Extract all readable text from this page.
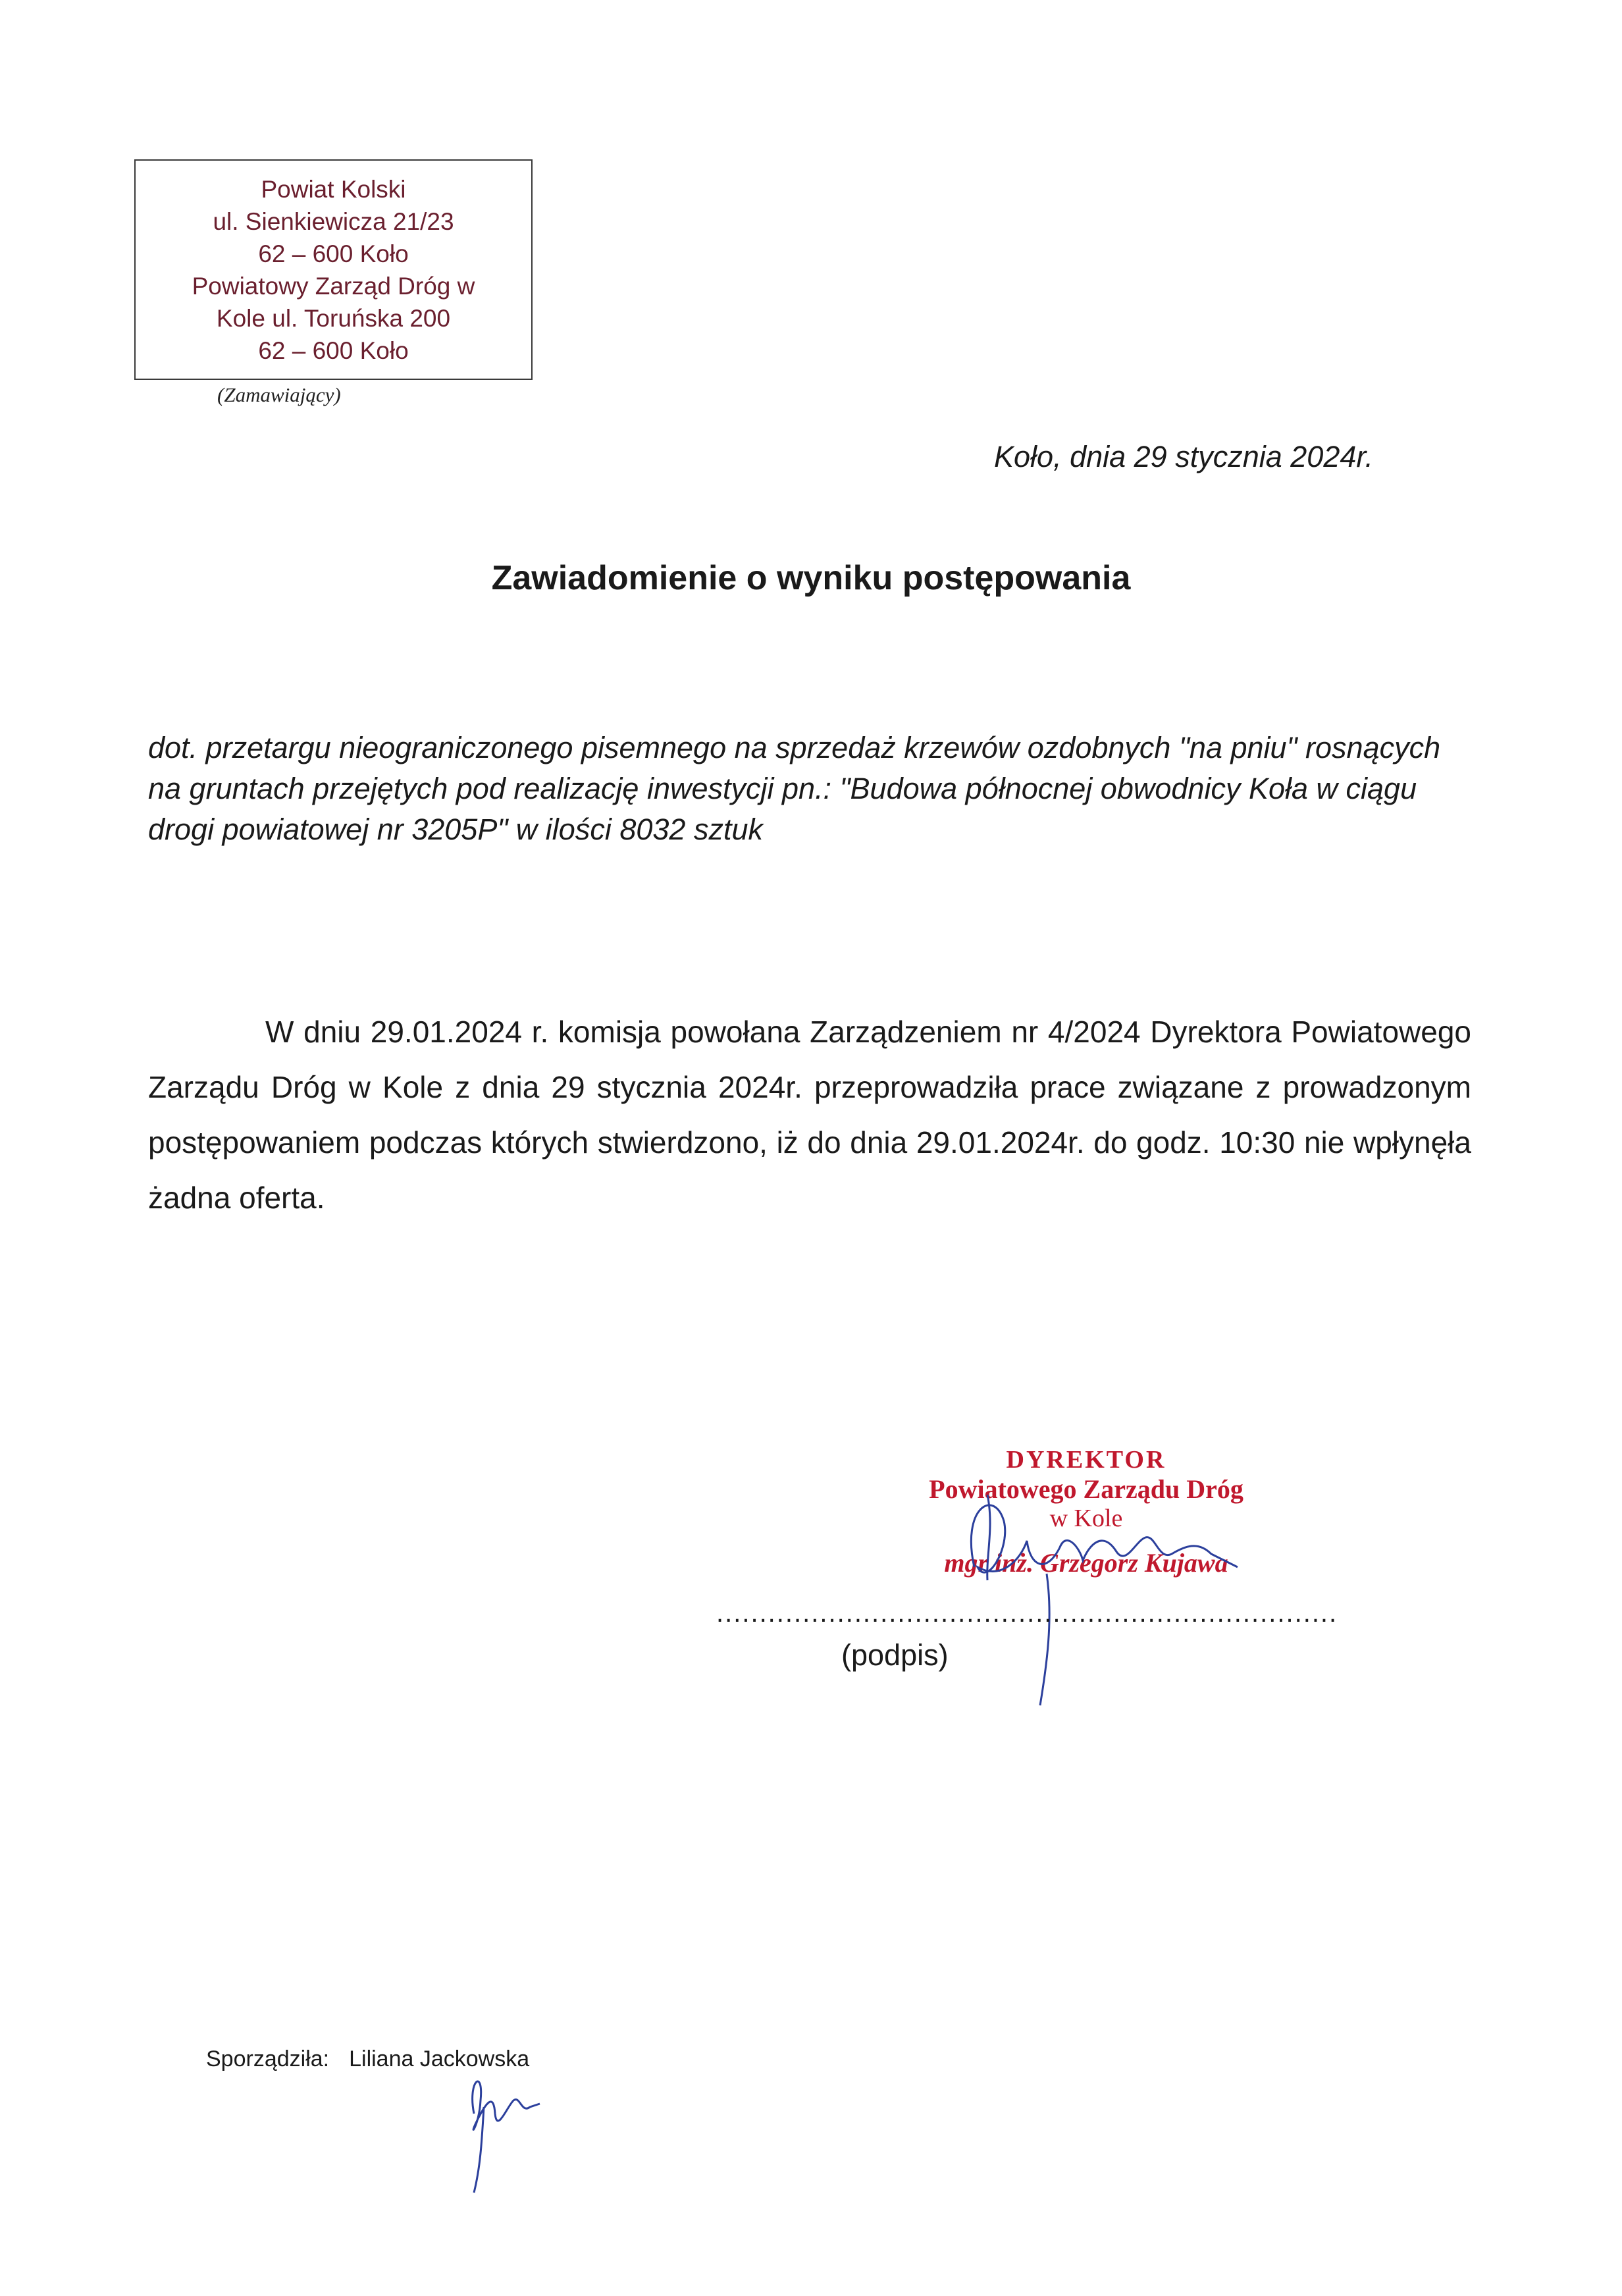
Powiat Kolski
ul. Sienkiewicza 21/23
62 – 600 Koło
Powiatowy Zarząd Dróg w
Kole ul. Toruńska 200
62 – 600 Koło
(Zamawiający)
Koło, dnia 29 stycznia 2024r.
Zawiadomienie o wyniku postępowania
dot. przetargu nieograniczonego pisemnego na sprzedaż krzewów ozdobnych "na pniu" rosnących na gruntach przejętych pod realizację inwestycji pn.: "Budowa północnej obwodnicy Koła w ciągu drogi powiatowej nr 3205P" w ilości 8032 sztuk
W dniu 29.01.2024 r. komisja powołana Zarządzeniem nr 4/2024 Dyrektora Powiatowego Zarządu Dróg w Kole z dnia 29 stycznia 2024r. przeprowadziła prace związane z prowadzonym postępowaniem podczas których stwierdzono, iż do dnia 29.01.2024r. do godz. 10:30 nie wpłynęła żadna oferta.
DYREKTOR
Powiatowego Zarządu Dróg
w Kole
mgr inż. Grzegorz Kujawa
........................................................................
(podpis)
Sporządziła: Liliana Jackowska
